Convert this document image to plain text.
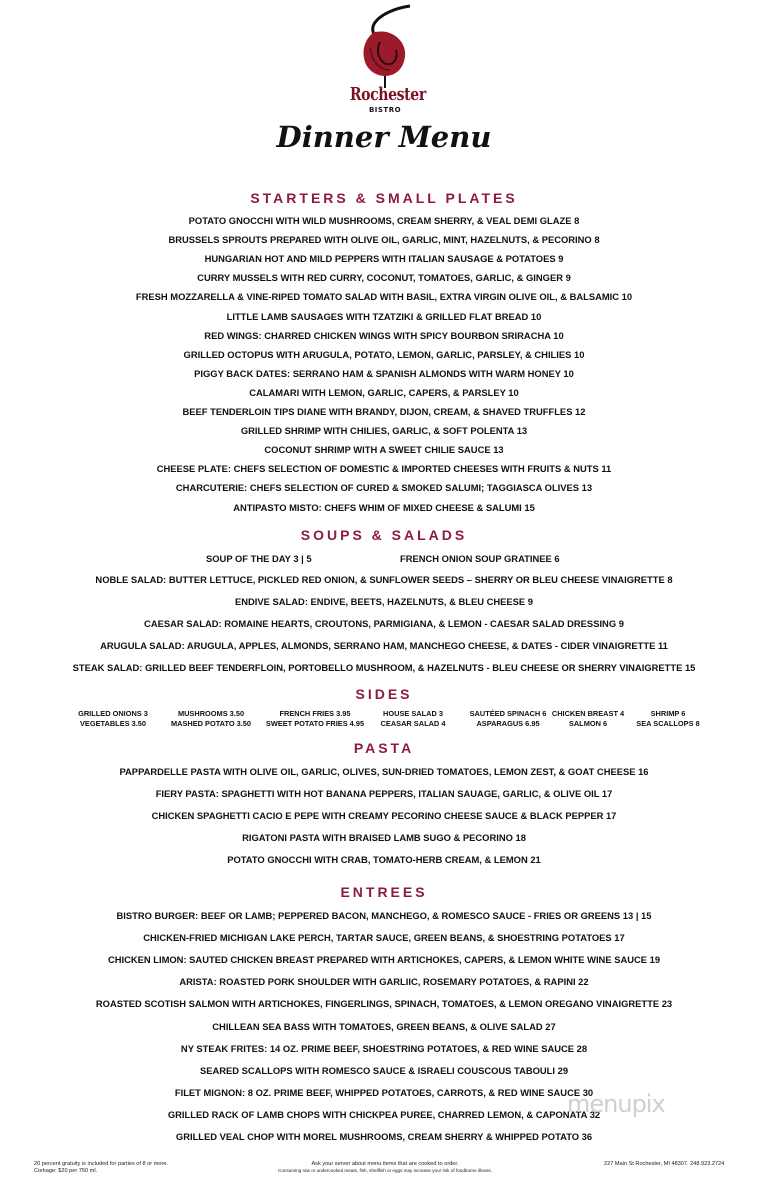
Rochester
BISTRO
Dinner Menu
STARTERS & SMALL PLATES
POTATO GNOCCHI WITH WILD MUSHROOMS, CREAM SHERRY, & VEAL DEMI GLAZE 8
BRUSSELS SPROUTS PREPARED WITH OLIVE OIL, GARLIC, MINT, HAZELNUTS, & PECORINO 8
HUNGARIAN HOT AND MILD PEPPERS WITH ITALIAN SAUSAGE & POTATOES 9
CURRY MUSSELS WITH RED CURRY, COCONUT, TOMATOES, GARLIC, & GINGER 9
FRESH MOZZARELLA & VINE-RIPED TOMATO SALAD WITH BASIL, EXTRA VIRGIN OLIVE OIL, & BALSAMIC 10
LITTLE LAMB SAUSAGES WITH TZATZIKI & GRILLED FLAT BREAD 10
RED WINGS: CHARRED CHICKEN WINGS WITH SPICY BOURBON SRIRACHA 10
GRILLED OCTOPUS WITH ARUGULA, POTATO, LEMON, GARLIC, PARSLEY, & CHILIES 10
PIGGY BACK DATES: SERRANO HAM & SPANISH ALMONDS WITH WARM HONEY 10
CALAMARI WITH LEMON, GARLIC, CAPERS, & PARSLEY 10
BEEF TENDERLOIN TIPS DIANE WITH BRANDY, DIJON, CREAM, & SHAVED TRUFFLES 12
GRILLED SHRIMP WITH CHILIES, GARLIC, & SOFT POLENTA 13
COCONUT SHRIMP WITH A SWEET CHILIE SAUCE 13
CHEESE PLATE: CHEFS SELECTION OF DOMESTIC & IMPORTED CHEESES WITH FRUITS & NUTS 11
CHARCUTERIE: CHEFS SELECTION OF CURED & SMOKED SALUMI; TAGGIASCA OLIVES 13
ANTIPASTO MISTO: CHEFS WHIM OF MIXED CHEESE & SALUMI 15
SOUPS & SALADS
SOUP OF THE DAY 3 | 5	FRENCH ONION SOUP GRATINEE 6
NOBLE SALAD: BUTTER LETTUCE, PICKLED RED ONION, & SUNFLOWER SEEDS – SHERRY OR BLEU CHEESE VINAIGRETTE 8
ENDIVE SALAD: ENDIVE, BEETS, HAZELNUTS, & BLEU CHEESE 9
CAESAR SALAD: ROMAINE HEARTS, CROUTONS, PARMIGIANA, & LEMON - CAESAR SALAD DRESSING 9
ARUGULA SALAD: ARUGULA, APPLES, ALMONDS, SERRANO HAM, MANCHEGO CHEESE, & DATES - CIDER VINAIGRETTE 11
STEAK SALAD: GRILLED BEEF TENDERFLOIN, PORTOBELLO MUSHROOM, & HAZELNUTS - BLEU CHEESE OR SHERRY VINAIGRETTE 15
SIDES
GRILLED ONIONS 3	MUSHROOMS 3.50	FRENCH FRIES 3.95	HOUSE SALAD 3	SAUTÉED SPINACH 6 CHICKEN BREAST 4	SHRIMP 6
VEGETABLES 3.50	MASHED POTATO 3.50	SWEET POTATO FRIES 4.95	CEASAR SALAD 4	ASPARAGUS 6.95	SALMON 6	SEA SCALLOPS 8
PASTA
PAPPARDELLE PASTA WITH OLIVE OIL, GARLIC, OLIVES, SUN-DRIED TOMATOES, LEMON ZEST, & GOAT CHEESE 16
FIERY PASTA: SPAGHETTI WITH HOT BANANA PEPPERS, ITALIAN SAUAGE, GARLIC, & OLIVE OIL 17
CHICKEN SPAGHETTI CACIO E PEPE WITH CREAMY PECORINO CHEESE SAUCE & BLACK PEPPER 17
RIGATONI PASTA WITH BRAISED LAMB SUGO & PECORINO 18
POTATO GNOCCHI WITH CRAB, TOMATO-HERB CREAM, & LEMON 21
ENTREES
BISTRO BURGER: BEEF OR LAMB; PEPPERED BACON, MANCHEGO, & ROMESCO SAUCE - FRIES OR GREENS 13 | 15
CHICKEN-FRIED MICHIGAN LAKE PERCH, TARTAR SAUCE, GREEN BEANS, & SHOESTRING POTATOES 17
CHICKEN LIMON: SAUTED CHICKEN BREAST PREPARED WITH ARTICHOKES, CAPERS, & LEMON WHITE WINE SAUCE 19
ARISTA: ROASTED PORK SHOULDER WITH GARLIIC, ROSEMARY POTATOES, & RAPINI 22
ROASTED SCOTISH SALMON WITH ARTICHOKES, FINGERLINGS, SPINACH, TOMATOES, & LEMON OREGANO VINAIGRETTE 23
CHILLEAN SEA BASS WITH TOMATOES, GREEN BEANS, & OLIVE SALAD 27
NY STEAK FRITES: 14 OZ. PRIME BEEF, SHOESTRING POTATOES, & RED WINE SAUCE 28
SEARED SCALLOPS WITH ROMESCO SAUCE & ISRAELI COUSCOUS TABOULI 29
FILET MIGNON: 8 OZ. PRIME BEEF, WHIPPED POTATOES, CARROTS, & RED WINE SAUCE 30
GRILLED RACK OF LAMB CHOPS WITH CHICKPEA PUREE, CHARRED LEMON, & CAPONATA 32
GRILLED VEAL CHOP WITH MOREL MUSHROOMS, CREAM SHERRY & WHIPPED POTATO 36
menupix
20 percent gratuity is included for parties of 8 or more.
Corkage: $20 per 750 ml.
Ask your server about menu items that are cooked to order.
Consuming raw or undercooked meats, fish, shellfish or eggs may increase your risk of foodborne illness.
227 Main St Rochester, MI 48307. 248.923.2724
